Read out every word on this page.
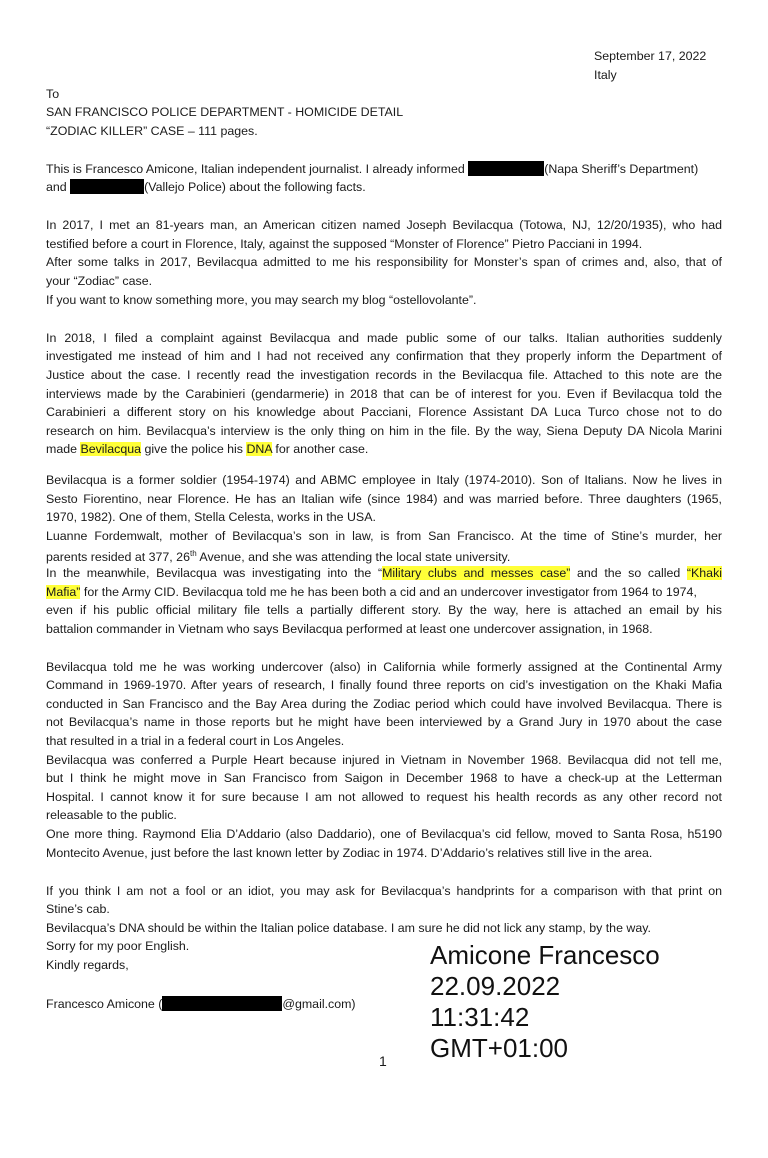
September 17, 2022
Italy
To
SAN FRANCISCO POLICE DEPARTMENT - HOMICIDE DETAIL
“ZODIAC KILLER” CASE – 111 pages.
This is Francesco Amicone, Italian independent journalist. I already informed	(Napa Sheriff’s Department)
and	(Vallejo Police) about the following facts.
In 2017, I met an 81-years man, an American citizen named Joseph Bevilacqua (Totowa, NJ, 12/20/1935), who had
testified before a court in Florence, Italy, against the supposed “Monster of Florence” Pietro Pacciani in 1994.
After some talks in 2017, Bevilacqua admitted to me his responsibility for Monster’s span of crimes and, also, that of
your “Zodiac” case.
If you want to know something more, you may search my blog “ostellovolante”.
In 2018, I filed a complaint against Bevilacqua and made public some of our talks. Italian authorities suddenly
investigated me instead of him and I had not received any confirmation that they properly inform the Department of
Justice about the case. I recently read the investigation records in the Bevilacqua file. Attached to this note are the
interviews made by the Carabinieri (gendarmerie) in 2018 that can be of interest for you. Even if Bevilacqua told the
Carabinieri a different story on his knowledge about Pacciani, Florence Assistant DA Luca Turco chose not to do
research on him. Bevilacqua’s interview is the only thing on him in the file. By the way, Siena Deputy DA Nicola Marini
made Bevilacqua give the police his DNA for another case.
Bevilacqua is a former soldier (1954-1974) and ABMC employee in Italy (1974-2010). Son of Italians. Now he lives in
Sesto Fiorentino, near Florence. He has an Italian wife (since 1984) and was married before. Three daughters (1965,
1970, 1982). One of them, Stella Celesta, works in the USA.
Luanne Fordemwalt, mother of Bevilacqua’s son in law, is from San Francisco. At the time of Stine’s murder, her
parents resided at 377, 26th Avenue, and she was attending the local state university.
In the meanwhile, Bevilacqua was investigating into the “Military clubs and messes case” and the so called “Khaki
Mafia” for the Army CID. Bevilacqua told me he has been both a cid and an undercover investigator from 1964 to 1974,
even if his public official military file tells a partially different story. By the way, here is attached an email by his
battalion commander in Vietnam who says Bevilacqua performed at least one undercover assignation, in 1968.
Bevilacqua told me he was working undercover (also) in California while formerly assigned at the Continental Army
Command in 1969-1970. After years of research, I finally found three reports on cid’s investigation on the Khaki Mafia
conducted in San Francisco and the Bay Area during the Zodiac period which could have involved Bevilacqua. There is
not Bevilacqua’s name in those reports but he might have been interviewed by a Grand Jury in 1970 about the case
that resulted in a trial in a federal court in Los Angeles.
Bevilacqua was conferred a Purple Heart because injured in Vietnam in November 1968. Bevilacqua did not tell me,
but I think he might move in San Francisco from Saigon in December 1968 to have a check-up at the Letterman
Hospital. I cannot know it for sure because I am not allowed to request his health records as any other record not
releasable to the public.
One more thing. Raymond Elia D’Addario (also Daddario), one of Bevilacqua’s cid fellow, moved to Santa Rosa, h5190
Montecito Avenue, just before the last known letter by Zodiac in 1974. D’Addario’s relatives still live in the area.
If you think I am not a fool or an idiot, you may ask for Bevilacqua’s handprints for a comparison with that print on
Stine’s cab.
Bevilacqua’s DNA should be within the Italian police database. I am sure he did not lick any stamp, by the way.
Sorry for my poor English.
Kindly regards,
Francesco Amicone (	@gmail.com)
Amicone Francesco
22.09.2022
11:31:42
GMT+01:00
1
